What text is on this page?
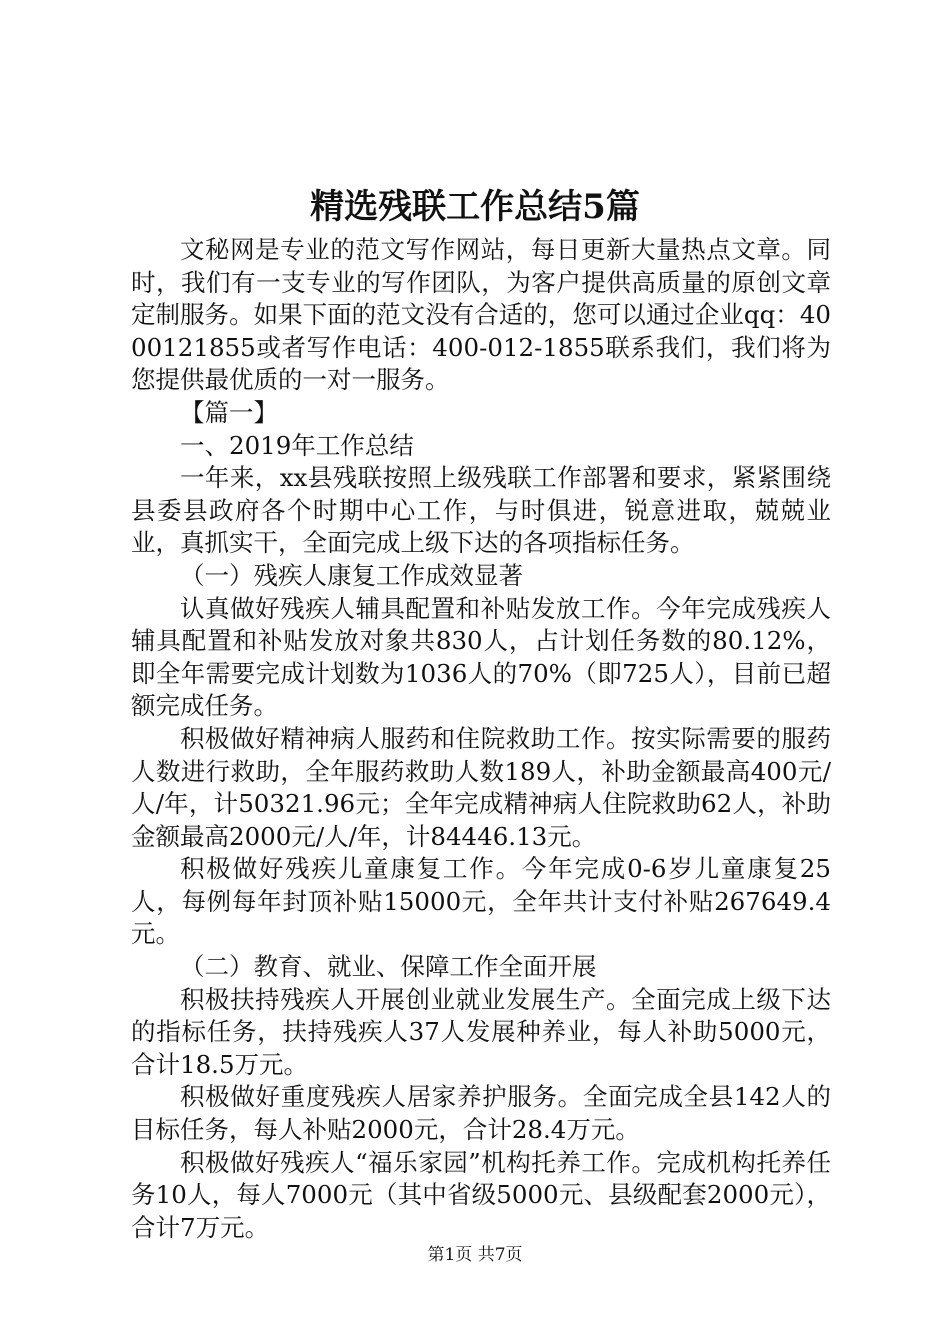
精选残联工作总结5篇

文秘网是专业的范文写作网站，每日更新大量热点文章。同时，我们有一支专业的写作团队，为客户提供高质量的原创文章定制服务。如果下面的范文没有合适的，您可以通过企业qq：4000121855或者写作电话：400-012-1855联系我们，我们将为您提供最优质的一对一服务。

【篇一】

一、2019年工作总结

一年来，xx县残联按照上级残联工作部署和要求，紧紧围绕县委县政府各个时期中心工作，与时俱进，锐意进取，兢兢业业，真抓实干，全面完成上级下达的各项指标任务。

（一）残疾人康复工作成效显著

认真做好残疾人辅具配置和补贴发放工作。今年完成残疾人辅具配置和补贴发放对象共830人，占计划任务数的80.12%，即全年需要完成计划数为1036人的70%（即725人），目前已超额完成任务。

积极做好精神病人服药和住院救助工作。按实际需要的服药人数进行救助，全年服药救助人数189人，补助金额最高400元/人/年，计50321.96元；全年完成精神病人住院救助62人，补助金额最高2000元/人/年，计84446.13元。

积极做好残疾儿童康复工作。今年完成0-6岁儿童康复25人，每例每年封顶补贴15000元，全年共计支付补贴267649.4元。

（二）教育、就业、保障工作全面开展

积极扶持残疾人开展创业就业发展生产。全面完成上级下达的指标任务，扶持残疾人37人发展种养业，每人补助5000元，合计18.5万元。

积极做好重度残疾人居家养护服务。全面完成全县142人的目标任务，每人补贴2000元，合计28.4万元。

积极做好残疾人“福乐家园”机构托养工作。完成机构托养任务10人，每人7000元（其中省级5000元、县级配套2000元），合计7万元。

第1页 共7页
